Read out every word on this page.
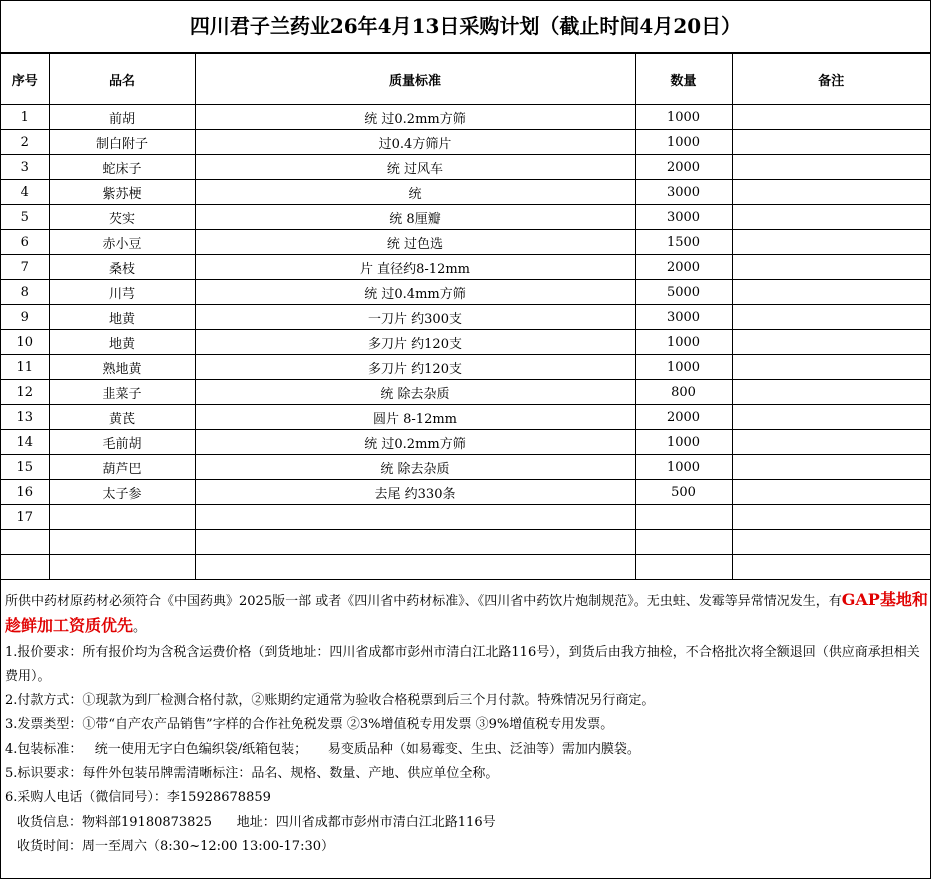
四川君子兰药业26年4月13日采购计划（截止时间4月20日）
序号	品名	质量标准	数量	备注
1	前胡	统 过0.2mm方筛	1000	
2	制白附子	过0.4方筛片	1000	
3	蛇床子	统 过风车	2000	
4	紫苏梗	统	3000	
5	芡实	统 8厘瓣	3000	
6	赤小豆	统 过色选	1500	
7	桑枝	片 直径约8-12mm	2000	
8	川芎	统 过0.4mm方筛	5000	
9	地黄	一刀片 约300支	3000	
10	地黄	多刀片 约120支	1000	
11	熟地黄	多刀片 约120支	1000	
12	韭菜子	统 除去杂质	800	
13	黄芪	圆片 8-12mm	2000	
14	毛前胡	统 过0.2mm方筛	1000	
15	葫芦巴	统 除去杂质	1000	
16	太子参	去尾 约330条	500	
17				

所供中药材原药材必须符合《中国药典》2025版一部 或者《四川省中药材标准》、《四川省中药饮片炮制规范》。无虫蛀、发霉等异常情况发生，有GAP基地和趁鲜加工资质优先。
1.报价要求：所有报价均为含税含运费价格（到货地址：四川省成都市彭州市清白江北路116号），到货后由我方抽检，不合格批次将全额退回（供应商承担相关费用）。
2.付款方式：①现款为到厂检测合格付款，②账期约定通常为验收合格税票到后三个月付款。特殊情况另行商定。
3.发票类型：①带“自产农产品销售”字样的合作社免税发票 ②3%增值税专用发票 ③9%增值税专用发票。
4.包装标准：   统一使用无字白色编织袋/纸箱包装；     易变质品种（如易霉变、生虫、泛油等）需加内膜袋。
5.标识要求：每件外包装吊牌需清晰标注：品名、规格、数量、产地、供应单位全称。
6.采购人电话（微信同号）：李15928678859
收货信息：物料部19180873825      地址：四川省成都市彭州市清白江北路116号
收货时间：周一至周六（8:30~12:00 13:00-17:30）
